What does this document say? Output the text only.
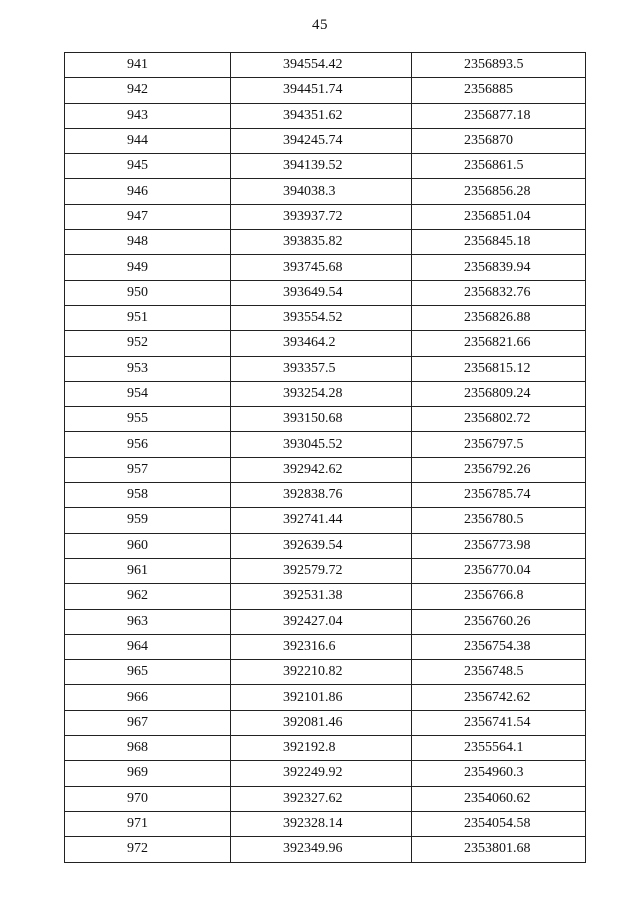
45
941	394554.42	2356893.5
942	394451.74	2356885
943	394351.62	2356877.18
944	394245.74	2356870
945	394139.52	2356861.5
946	394038.3	2356856.28
947	393937.72	2356851.04
948	393835.82	2356845.18
949	393745.68	2356839.94
950	393649.54	2356832.76
951	393554.52	2356826.88
952	393464.2	2356821.66
953	393357.5	2356815.12
954	393254.28	2356809.24
955	393150.68	2356802.72
956	393045.52	2356797.5
957	392942.62	2356792.26
958	392838.76	2356785.74
959	392741.44	2356780.5
960	392639.54	2356773.98
961	392579.72	2356770.04
962	392531.38	2356766.8
963	392427.04	2356760.26
964	392316.6	2356754.38
965	392210.82	2356748.5
966	392101.86	2356742.62
967	392081.46	2356741.54
968	392192.8	2355564.1
969	392249.92	2354960.3
970	392327.62	2354060.62
971	392328.14	2354054.58
972	392349.96	2353801.68
